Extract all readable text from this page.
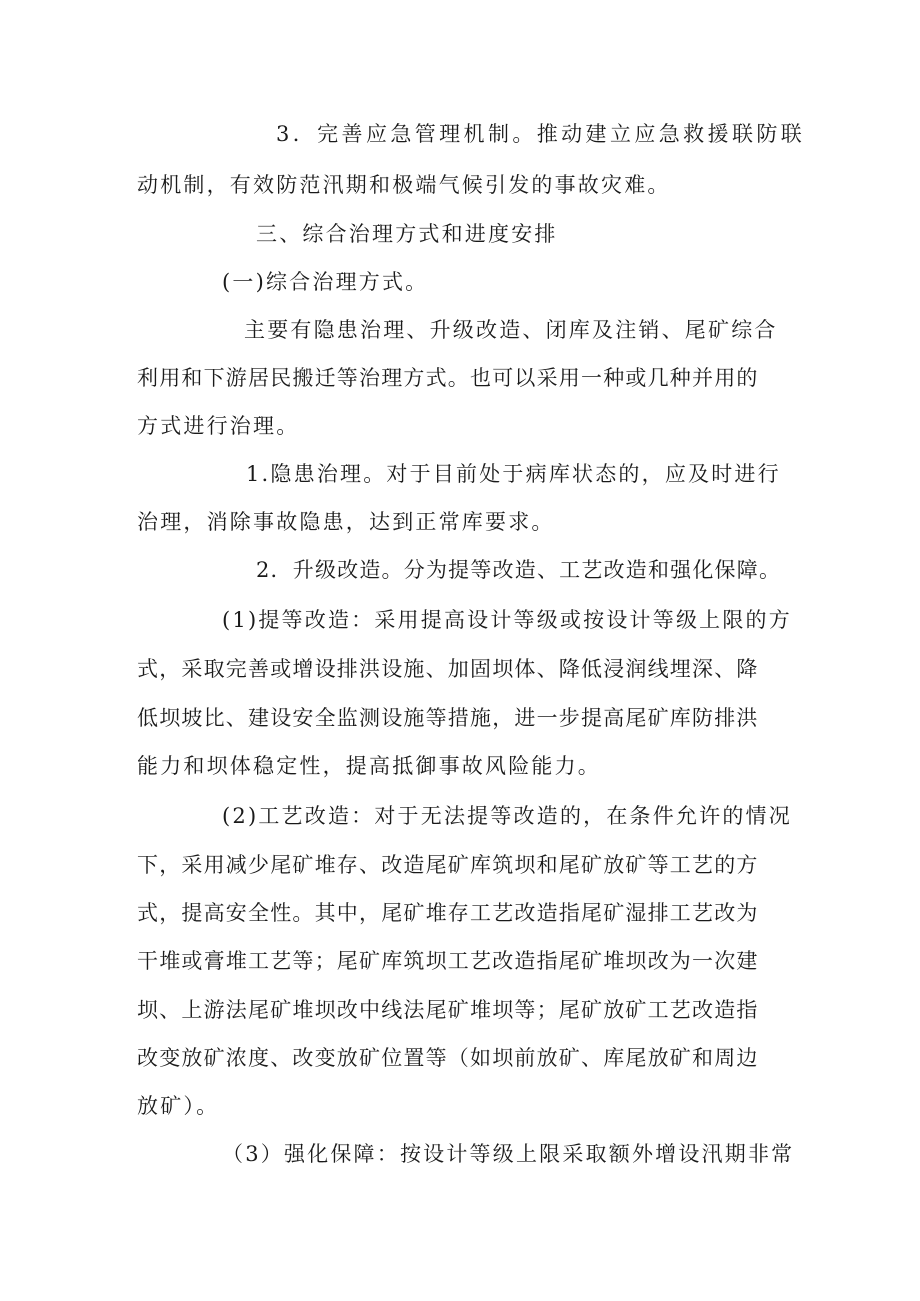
3．完善应急管理机制。推动建立应急救援联防联
动机制，有效防范汛期和极端气候引发的事故灾难。
三、综合治理方式和进度安排
(一)综合治理方式。
主要有隐患治理、升级改造、闭库及注销、尾矿综合
利用和下游居民搬迁等治理方式。也可以采用一种或几种并用的
方式进行治理。
1.隐患治理。对于目前处于病库状态的，应及时进行
治理，消除事故隐患，达到正常库要求。
2．升级改造。分为提等改造、工艺改造和强化保障。
(1)提等改造：采用提高设计等级或按设计等级上限的方
式，采取完善或增设排洪设施、加固坝体、降低浸润线埋深、降
低坝坡比、建设安全监测设施等措施，进一步提高尾矿库防排洪
能力和坝体稳定性，提高抵御事故风险能力。
(2)工艺改造：对于无法提等改造的，在条件允许的情况
下，采用减少尾矿堆存、改造尾矿库筑坝和尾矿放矿等工艺的方
式，提高安全性。其中，尾矿堆存工艺改造指尾矿湿排工艺改为
干堆或膏堆工艺等；尾矿库筑坝工艺改造指尾矿堆坝改为一次建
坝、上游法尾矿堆坝改中线法尾矿堆坝等；尾矿放矿工艺改造指
改变放矿浓度、改变放矿位置等（如坝前放矿、库尾放矿和周边
放矿）。
（3）强化保障：按设计等级上限采取额外增设汛期非常
